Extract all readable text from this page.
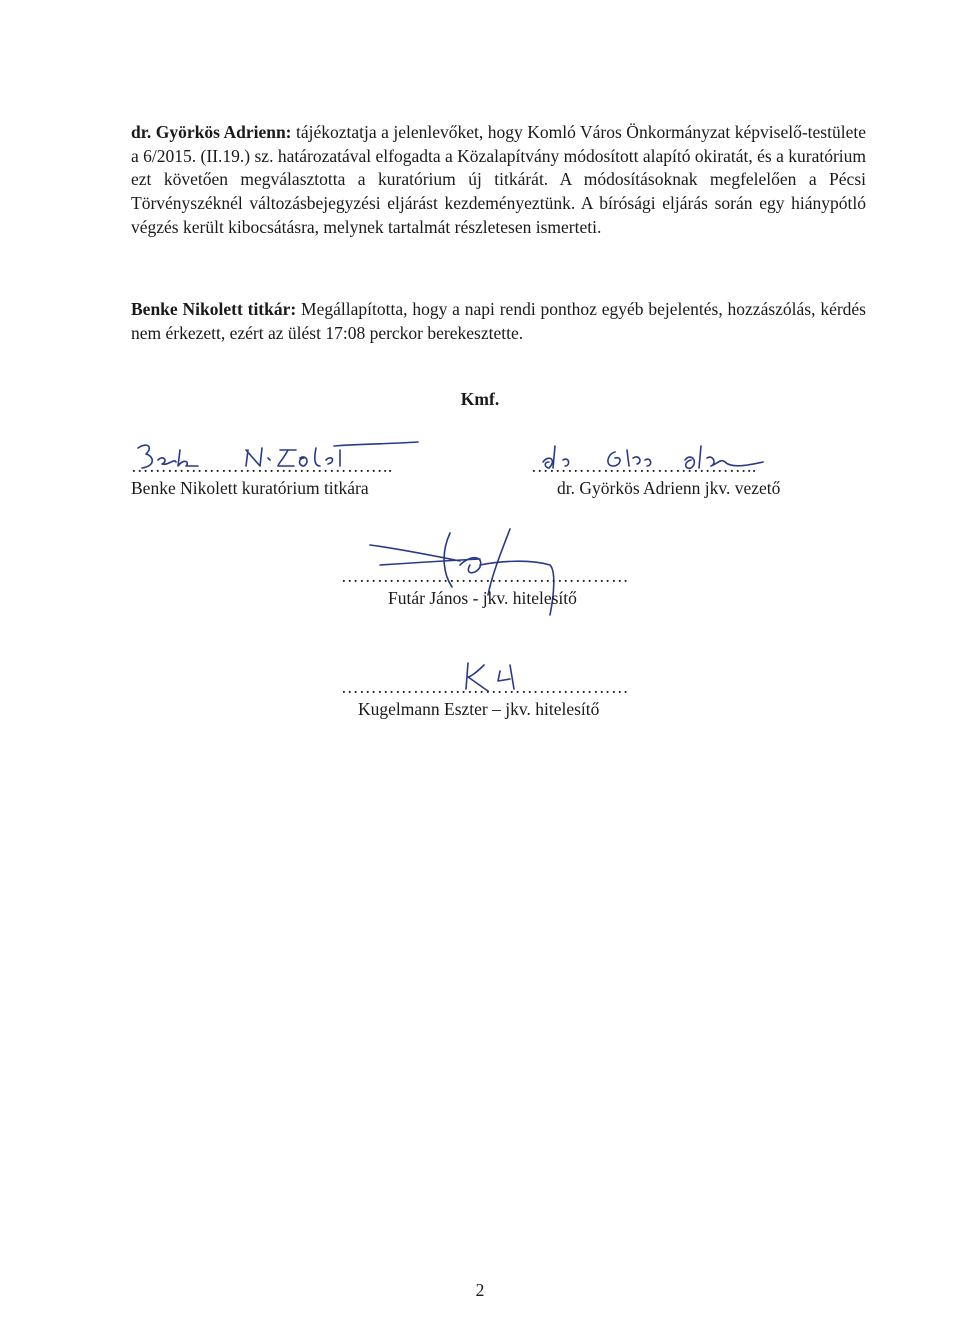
dr. Györkös Adrienn: tájékoztatja a jelenlevőket, hogy Komló Város Önkormányzat képviselő-testülete a 6/2015. (II.19.) sz. határozatával elfogadta a Közalapítvány módosított alapító okiratát, és a kuratórium ezt követően megválasztotta a kuratórium új titkárát. A módosításoknak megfelelően a Pécsi Törvényszéknél változásbejegyzési eljárást kezdeményeztünk. A bírósági eljárás során egy hiánypótló végzés került kibocsátásra, melynek tartalmát részletesen ismerteti.

Benke Nikolett titkár: Megállapította, hogy a napi rendi ponthoz egyéb bejelentés, hozzászólás, kérdés nem érkezett, ezért az ülést 17:08 perckor berekesztette.

Kmf.
……………………………………..
Benke Nikolett kuratórium titkára
………………………………..
dr. Györkös Adrienn jkv. vezető
…………………………………………
Futár János - jkv. hitelesítő
…………………………………………
Kugelmann Eszter – jkv. hitelesítő
2
